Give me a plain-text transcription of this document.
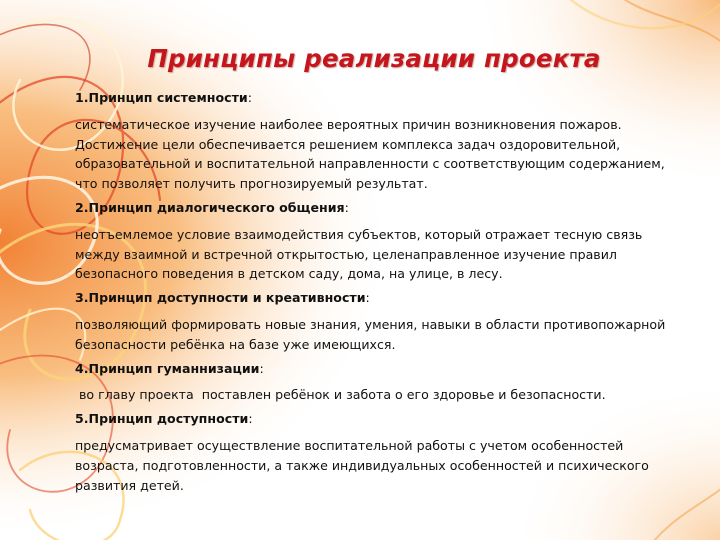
Принципы реализации проекта
1.Принцип системности:
систематическое изучение наиболее вероятных причин возникновения пожаров. Достижение цели обеспечивается решением комплекса задач оздоровительной, образовательной и воспитательной направленности с соответствующим содержанием, что позволяет получить прогнозируемый результат.
2.Принцип диалогического общения:
неотъемлемое условие взаимодействия субъектов, который отражает тесную связь между взаимной и встречной открытостью, целенаправленное изучение правил безопасного поведения в детском саду, дома, на улице, в лесу.
3.Принцип доступности и креативности:
позволяющий формировать новые знания, умения, навыки в области противопожарной безопасности ребёнка на базе уже имеющихся.
4.Принцип гуманнизации:
во главу проекта  поставлен ребёнок и забота о его здоровье и безопасности.
5.Принцип доступности:
предусматривает осуществление воспитательной работы с учетом особенностей возраста, подготовленности, а также индивидуальных особенностей и психического развития детей.
